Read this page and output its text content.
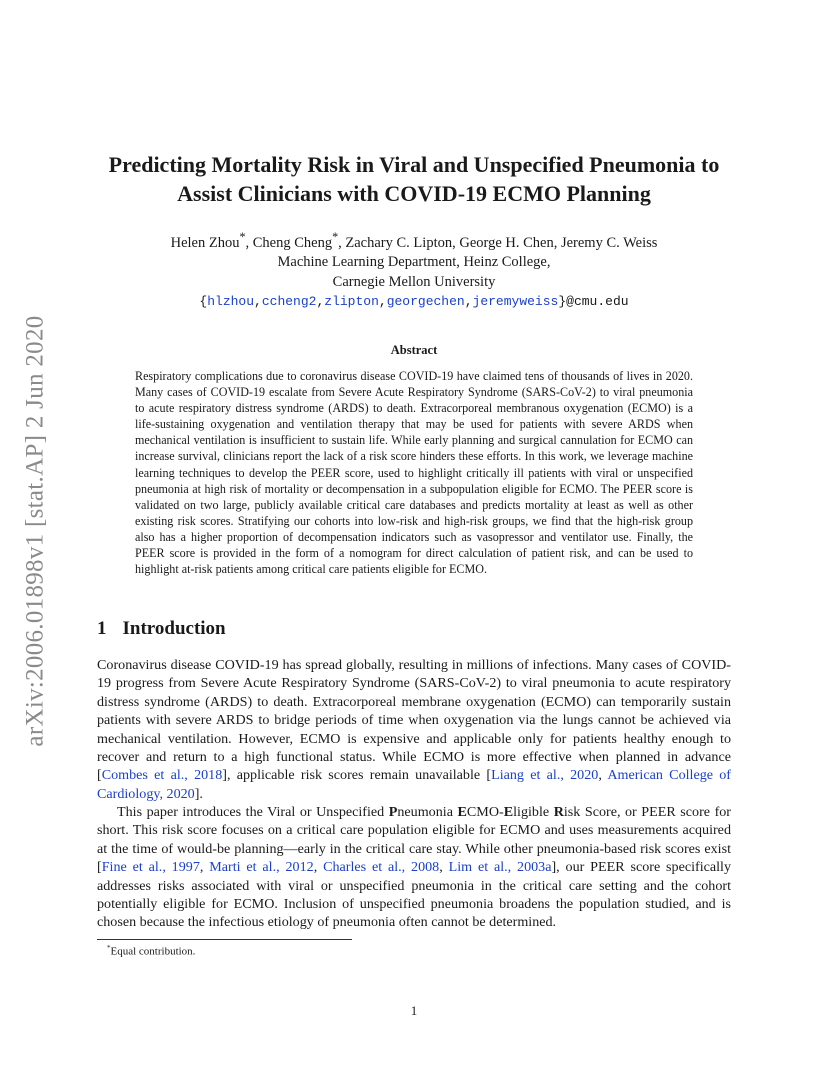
arXiv:2006.01898v1 [stat.AP] 2 Jun 2020
Predicting Mortality Risk in Viral and Unspecified Pneumonia to
Assist Clinicians with COVID-19 ECMO Planning
Helen Zhou*, Cheng Cheng*, Zachary C. Lipton, George H. Chen, Jeremy C. Weiss
Machine Learning Department, Heinz College,
Carnegie Mellon University
{hlzhou,ccheng2,zlipton,georgechen,jeremyweiss}@cmu.edu
Abstract

Respiratory complications due to coronavirus disease COVID-19 have claimed tens of thousands of lives in 2020. Many cases of COVID-19 escalate from Severe Acute Respiratory Syndrome (SARS-CoV-2) to viral pneumonia to acute respiratory distress syndrome (ARDS) to death. Extracorporeal membranous oxygenation (ECMO) is a life-sustaining oxygenation and ventilation therapy that may be used for patients with severe ARDS when mechanical ventilation is insufficient to sustain life. While early planning and surgical cannulation for ECMO can increase survival, clinicians report the lack of a risk score hinders these efforts. In this work, we leverage machine learning techniques to develop the PEER score, used to highlight critically ill patients with viral or unspecified pneumonia at high risk of mortality or decompensation in a subpopulation eligible for ECMO. The PEER score is validated on two large, publicly available critical care databases and predicts mortality at least as well as other existing risk scores. Stratifying our cohorts into low-risk and high-risk groups, we find that the high-risk group also has a higher proportion of decompensation indicators such as vasopressor and ventilator use. Finally, the PEER score is provided in the form of a nomogram for direct calculation of patient risk, and can be used to highlight at-risk patients among critical care patients eligible for ECMO.

1 Introduction

Coronavirus disease COVID-19 has spread globally, resulting in millions of infections. Many cases of COVID-19 progress from Severe Acute Respiratory Syndrome (SARS-CoV-2) to viral pneumonia to acute respiratory distress syndrome (ARDS) to death. Extracorporeal membrane oxygenation (ECMO) can temporarily sustain patients with severe ARDS to bridge periods of time when oxygenation via the lungs cannot be achieved via mechanical ventilation. However, ECMO is expensive and applicable only for patients healthy enough to recover and return to a high functional status. While ECMO is more effective when planned in advance [Combes et al., 2018], applicable risk scores remain unavailable [Liang et al., 2020, American College of Cardiology, 2020].

This paper introduces the Viral or Unspecified Pneumonia ECMO-Eligible Risk Score, or PEER score for short. This risk score focuses on a critical care population eligible for ECMO and uses measurements acquired at the time of would-be planning—early in the critical care stay. While other pneumonia-based risk scores exist [Fine et al., 1997, Marti et al., 2012, Charles et al., 2008, Lim et al., 2003a], our PEER score specifically addresses risks associated with viral or unspecified pneumonia in the critical care setting and the cohort potentially eligible for ECMO. Inclusion of unspecified pneumonia broadens the population studied, and is chosen because the infectious etiology of pneumonia often cannot be determined.

*Equal contribution.
1
